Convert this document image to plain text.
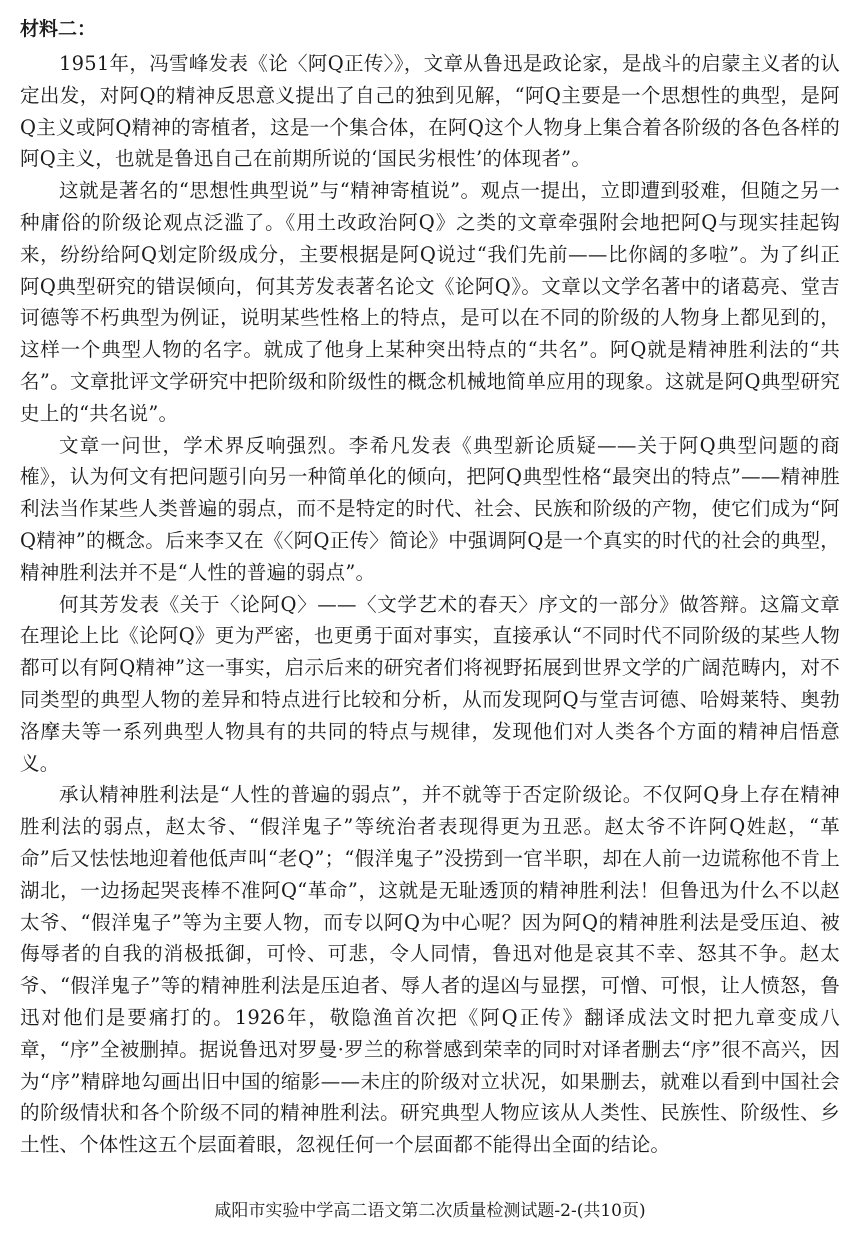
材料二：

1951年，冯雪峰发表《论〈阿Q正传〉》，文章从鲁迅是政论家，是战斗的启蒙主义者的认定出发，对阿Q的精神反思意义提出了自己的独到见解，“阿Q主要是一个思想性的典型，是阿Q主义或阿Q精神的寄植者，这是一个集合体，在阿Q这个人物身上集合着各阶级的各色各样的阿Q主义，也就是鲁迅自己在前期所说的‘国民劣根性’的体现者”。

这就是著名的“思想性典型说”与“精神寄植说”。观点一提出，立即遭到驳难，但随之另一种庸俗的阶级论观点泛滥了。《用土改政治阿Q》之类的文章牵强附会地把阿Q与现实挂起钩来，纷纷给阿Q划定阶级成分，主要根据是阿Q说过“我们先前——比你阔的多啦”。为了纠正阿Q典型研究的错误倾向，何其芳发表著名论文《论阿Q》。文章以文学名著中的诸葛亮、堂吉诃德等不朽典型为例证，说明某些性格上的特点，是可以在不同的阶级的人物身上都见到的，这样一个典型人物的名字。就成了他身上某种突出特点的“共名”。阿Q就是精神胜利法的“共名”。文章批评文学研究中把阶级和阶级性的概念机械地简单应用的现象。这就是阿Q典型研究史上的“共名说”。

文章一问世，学术界反响强烈。李希凡发表《典型新论质疑——关于阿Q典型问题的商榷》，认为何文有把问题引向另一种简单化的倾向，把阿Q典型性格“最突出的特点”——精神胜利法当作某些人类普遍的弱点，而不是特定的时代、社会、民族和阶级的产物，使它们成为“阿Q精神”的概念。后来李又在《〈阿Q正传〉简论》中强调阿Q是一个真实的时代的社会的典型，精神胜利法并不是“人性的普遍的弱点”。

何其芳发表《关于〈论阿Q〉——〈文学艺术的春天〉序文的一部分》做答辩。这篇文章在理论上比《论阿Q》更为严密，也更勇于面对事实，直接承认“不同时代不同阶级的某些人物都可以有阿Q精神”这一事实，启示后来的研究者们将视野拓展到世界文学的广阔范畴内，对不同类型的典型人物的差异和特点进行比较和分析，从而发现阿Q与堂吉诃德、哈姆莱特、奥勃洛摩夫等一系列典型人物具有的共同的特点与规律，发现他们对人类各个方面的精神启悟意义。

承认精神胜利法是“人性的普遍的弱点”，并不就等于否定阶级论。不仅阿Q身上存在精神胜利法的弱点，赵太爷、“假洋鬼子”等统治者表现得更为丑恶。赵太爷不许阿Q姓赵，“革命”后又怯怯地迎着他低声叫“老Q”；“假洋鬼子”没捞到一官半职，却在人前一边谎称他不肯上湖北，一边扬起哭丧棒不准阿Q“革命”，这就是无耻透顶的精神胜利法！但鲁迅为什么不以赵太爷、“假洋鬼子”等为主要人物，而专以阿Q为中心呢？因为阿Q的精神胜利法是受压迫、被侮辱者的自我的消极抵御，可怜、可悲，令人同情，鲁迅对他是哀其不幸、怒其不争。赵太爷、“假洋鬼子”等的精神胜利法是压迫者、辱人者的逞凶与显摆，可憎、可恨，让人愤怒，鲁迅对他们是要痛打的。1926年，敬隐渔首次把《阿Q正传》翻译成法文时把九章变成八章，“序”全被删掉。据说鲁迅对罗曼·罗兰的称誉感到荣幸的同时对译者删去“序”很不高兴，因为“序”精辟地勾画出旧中国的缩影——未庄的阶级对立状况，如果删去，就难以看到中国社会的阶级情状和各个阶级不同的精神胜利法。研究典型人物应该从人类性、民族性、阶级性、乡土性、个体性这五个层面着眼，忽视任何一个层面都不能得出全面的结论。

咸阳市实验中学高二语文第二次质量检测试题-2-(共10页)
